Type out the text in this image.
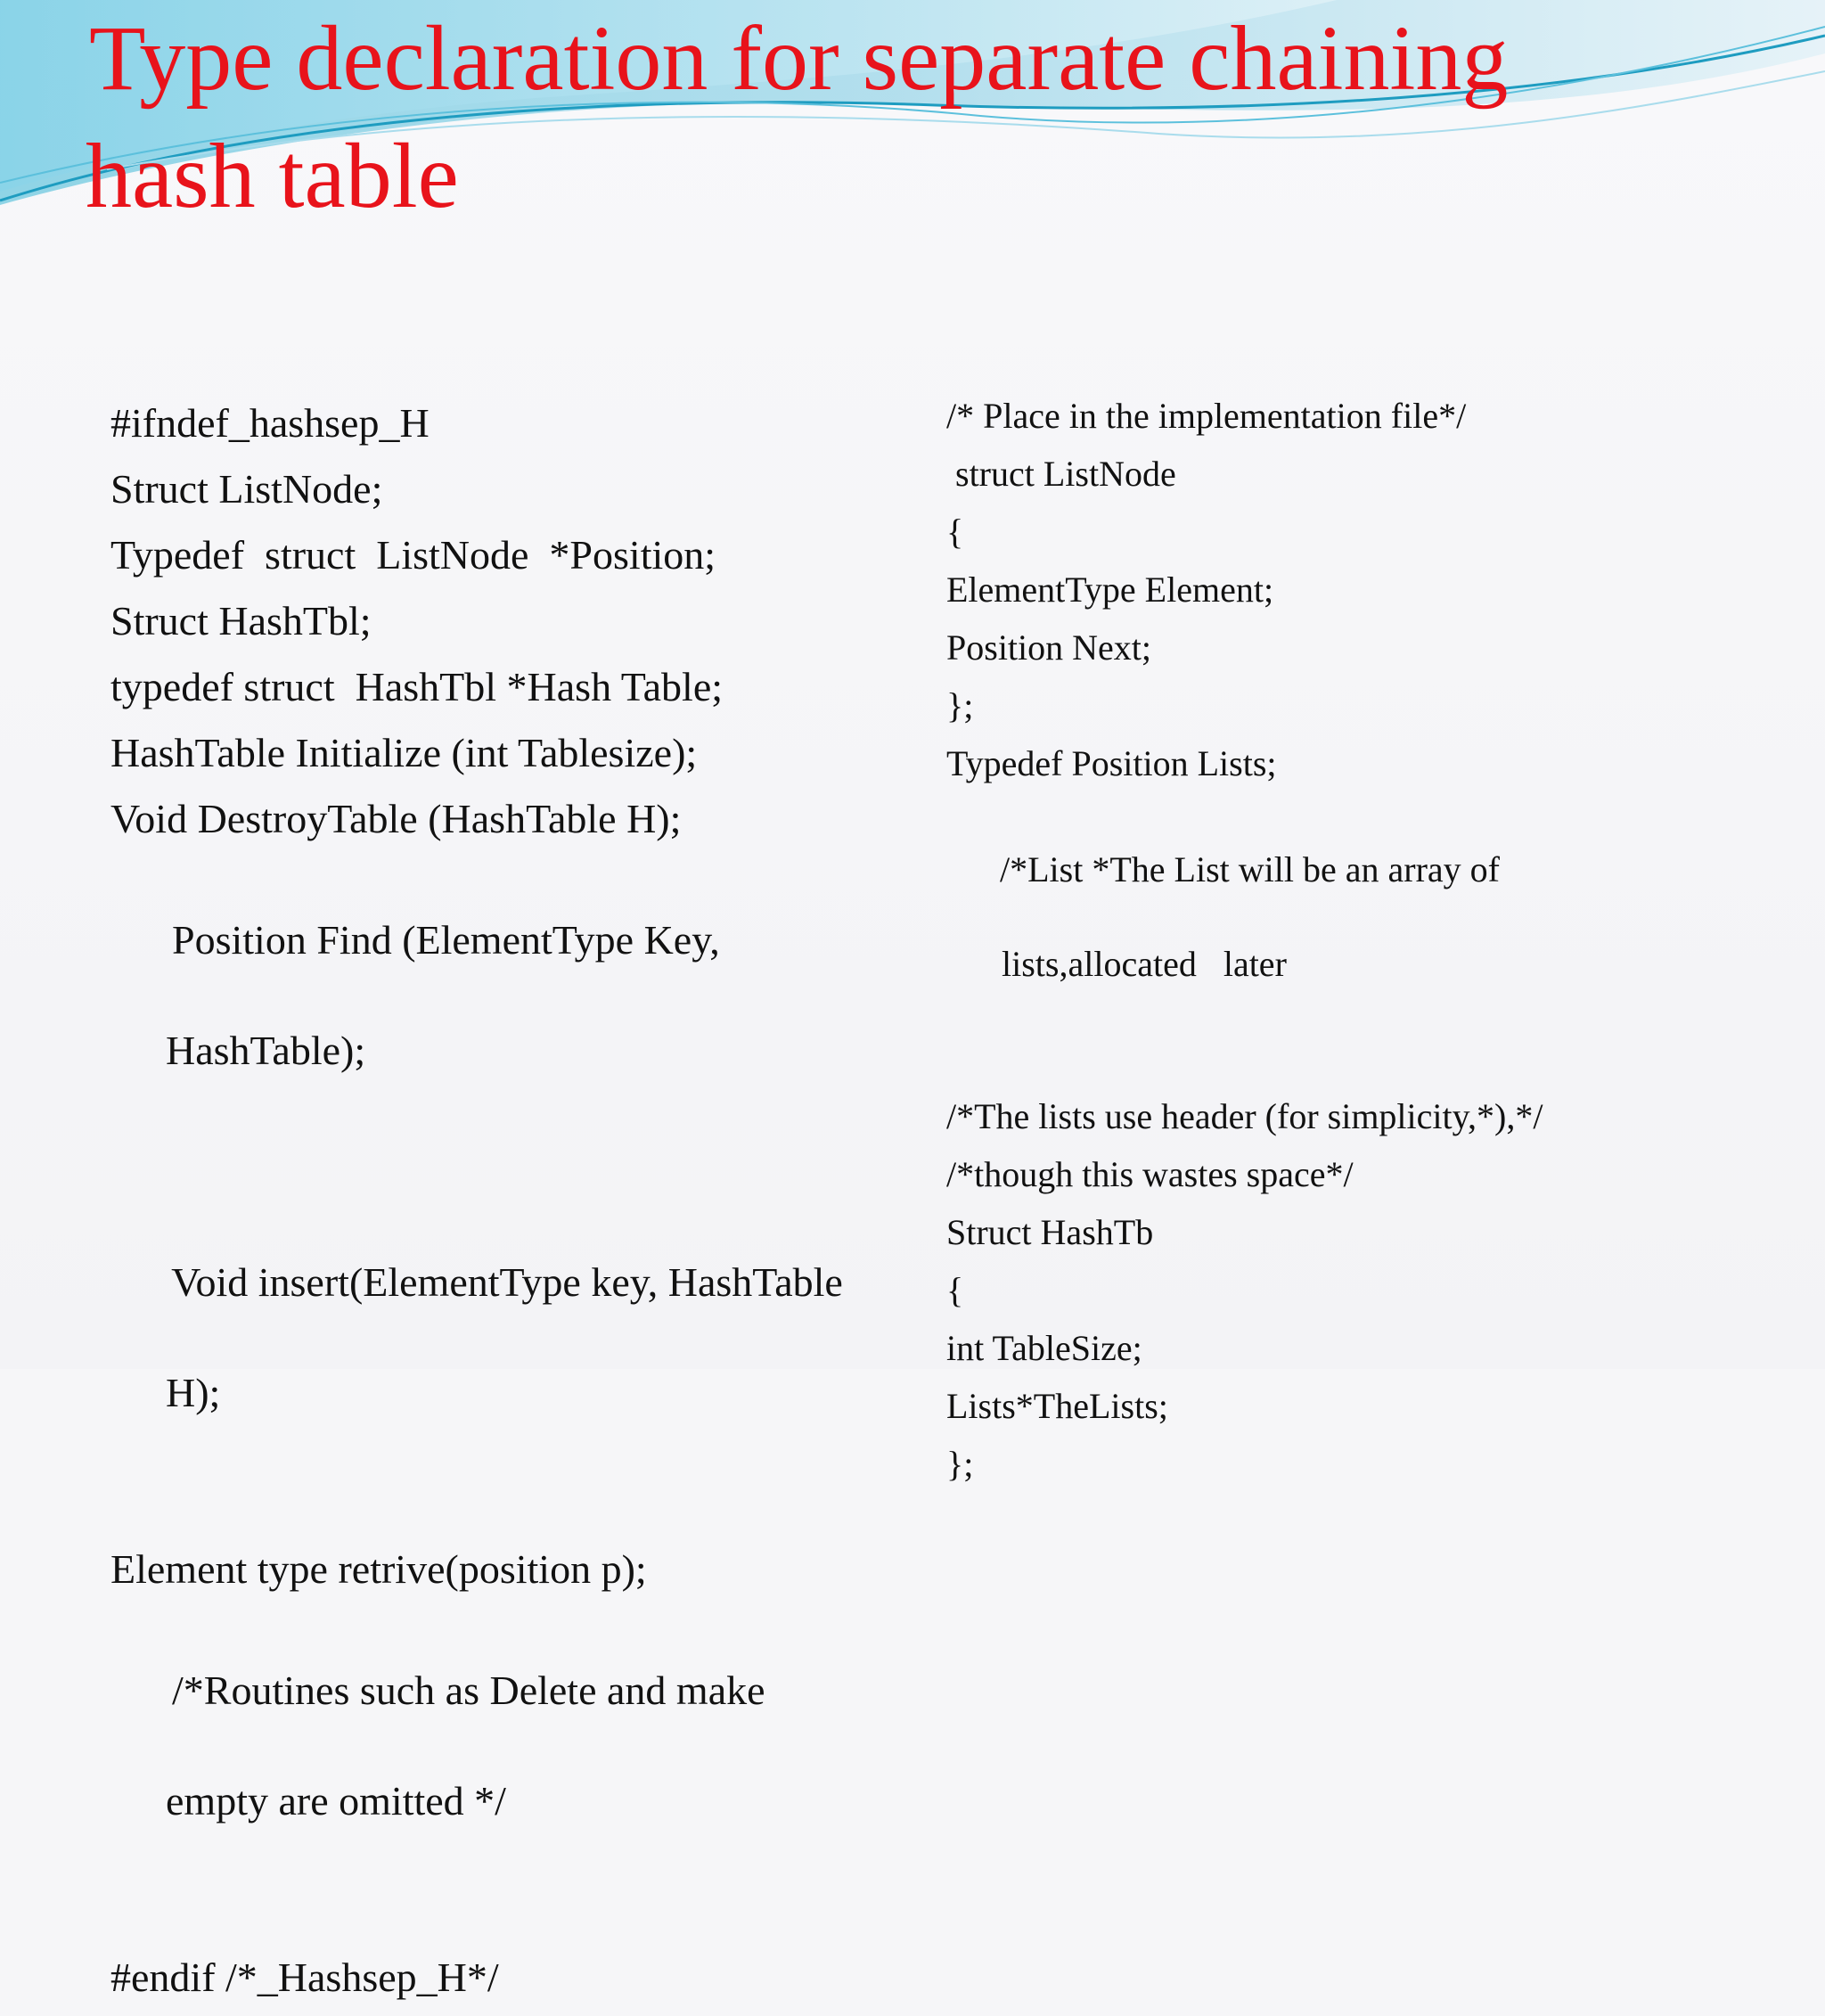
Type declaration for separate chaining
hash table
#ifndef_hashsep_H
Struct ListNode;
Typedef  struct  ListNode  *Position;
Struct HashTbl;
typedef struct  HashTbl *Hash Table;
HashTable Initialize (int Tablesize);
Void DestroyTable (HashTable H);

Position Find (ElementType Key,

HashTable);

Void insert(ElementType key, HashTable

H);

Element type retrive(position p);

/*Routines such as Delete and make

empty are omitted */

#endif /*_Hashsep_H*/
/* Place in the implementation file*/
struct ListNode
{
ElementType Element;
Position Next;
};
Typedef Position Lists;

/*List *The List will be an array of

lists,allocated   later

/*The lists use header (for simplicity,*),*/
/*though this wastes space*/
Struct HashTb
{
int TableSize;
Lists*TheLists;
};
